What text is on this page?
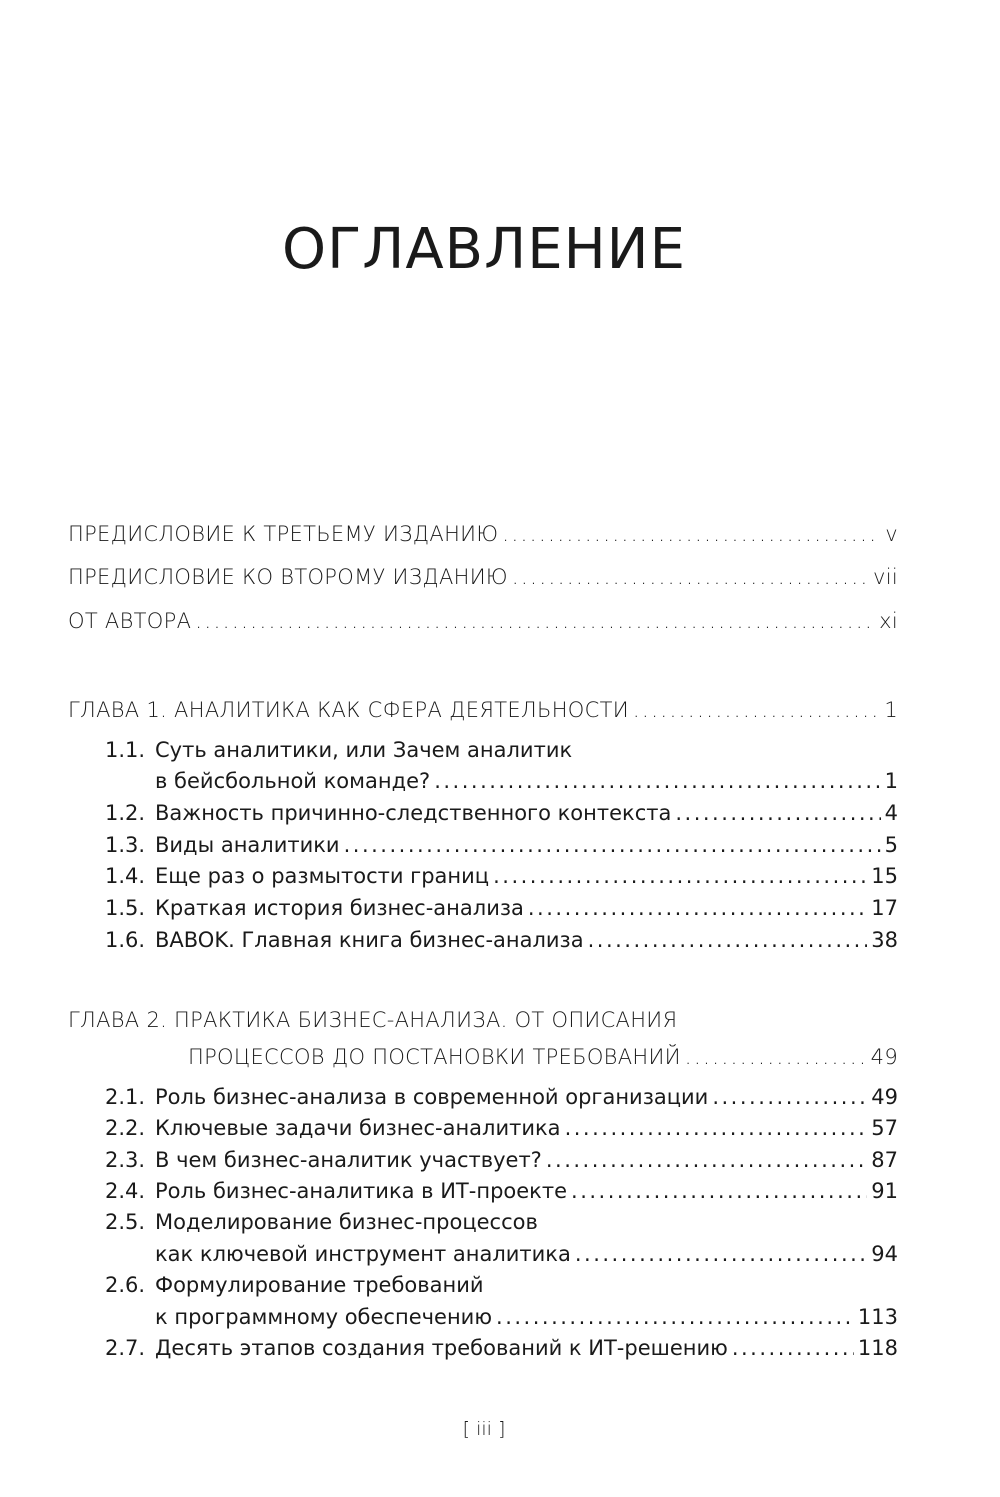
ОГЛАВЛЕНИЕ
ПРЕДИСЛОВИЕ К ТРЕТЬЕМУ ИЗДАНИЮ .....	v
ПРЕДИСЛОВИЕ КО ВТОРОМУ ИЗДАНИЮ .....	vii
ОТ АВТОРА .....	xi
ГЛАВА 1. АНАЛИТИКА КАК СФЕРА ДЕЯТЕЛЬНОСТИ .....	1
1.1. Суть аналитики, или Зачем аналитик
в бейсбольной команде? .....	1
1.2. Важность причинно-следственного контекста .....	4
1.3. Виды аналитики .....	5
1.4. Еще раз о размытости границ .....	15
1.5. Краткая история бизнес-анализа .....	17
1.6. BABOK. Главная книга бизнес-анализа .....	38
ГЛАВА 2. ПРАКТИКА БИЗНЕС-АНАЛИЗА. ОТ ОПИСАНИЯ
ПРОЦЕССОВ ДО ПОСТАНОВКИ ТРЕБОВАНИЙ .....	49
2.1. Роль бизнес-анализа в современной организации .....	49
2.2. Ключевые задачи бизнес-аналитика .....	57
2.3. В чем бизнес-аналитик участвует? .....	87
2.4. Роль бизнес-аналитика в ИТ-проекте .....	91
2.5. Моделирование бизнес-процессов
как ключевой инструмент аналитика .....	94
2.6. Формулирование требований
к программному обеспечению .....	113
2.7. Десять этапов создания требований к ИТ-решению .....	118
[ iii ]
